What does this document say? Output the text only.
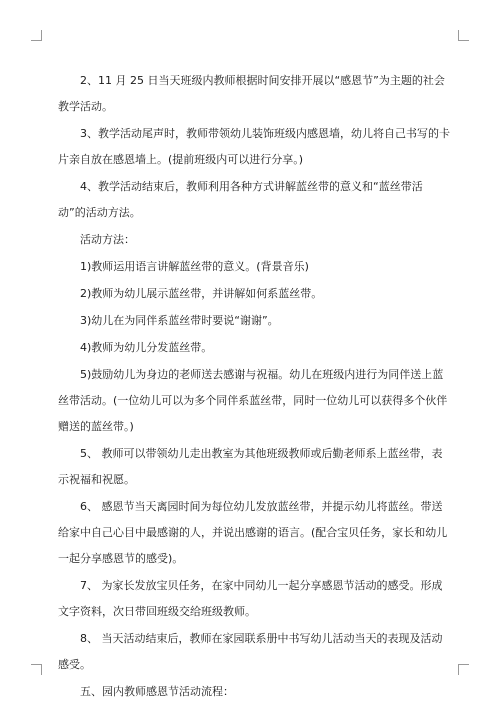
2、11 月 25 日当天班级内教师根据时间安排开展以“感恩节”为主题的社会教学活动。

3、教学活动尾声时，教师带领幼儿装饰班级内感恩墙，幼儿将自己书写的卡片亲自放在感恩墙上。(提前班级内可以进行分享。)

4、教学活动结束后，教师利用各种方式讲解蓝丝带的意义和“蓝丝带活动”的活动方法。

活动方法：

1)教师运用语言讲解蓝丝带的意义。(背景音乐)

2)教师为幼儿展示蓝丝带，并讲解如何系蓝丝带。

3)幼儿在为同伴系蓝丝带时要说“谢谢”。

4)教师为幼儿分发蓝丝带。

5)鼓励幼儿为身边的老师送去感谢与祝福。幼儿在班级内进行为同伴送上蓝丝带活动。(一位幼儿可以为多个同伴系蓝丝带，同时一位幼儿可以获得多个伙伴赠送的蓝丝带。)

5、 教师可以带领幼儿走出教室为其他班级教师或后勤老师系上蓝丝带，表示祝福和祝愿。

6、 感恩节当天离园时间为每位幼儿发放蓝丝带，并提示幼儿将蓝丝。带送给家中自己心目中最感谢的人，并说出感谢的语言。(配合宝贝任务，家长和幼儿一起分享感恩节的感受)。

7、 为家长发放宝贝任务，在家中同幼儿一起分享感恩节活动的感受。形成文字资料，次日带回班级交给班级教师。

8、 当天活动结束后，教师在家园联系册中书写幼儿活动当天的表现及活动感受。

五、园内教师感恩节活动流程：
